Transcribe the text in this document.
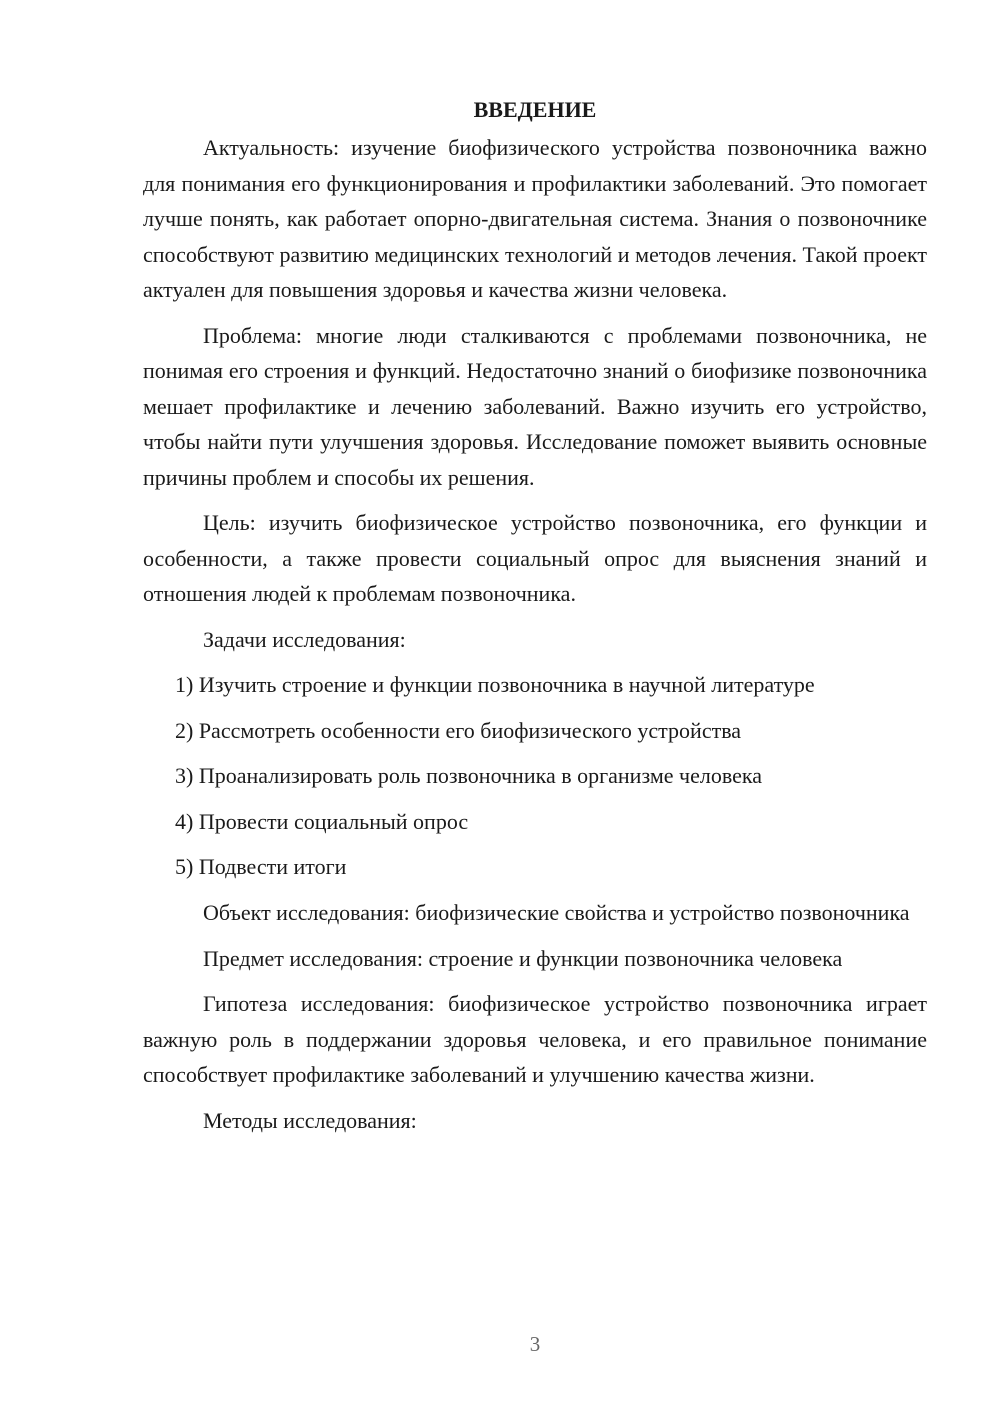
ВВЕДЕНИЕ

Актуальность: изучение биофизического устройства позвоночника важно для понимания его функционирования и профилактики заболеваний. Это помогает лучше понять, как работает опорно-двигательная система. Знания о позвоночнике способствуют развитию медицинских технологий и методов лечения. Такой проект актуален для повышения здоровья и качества жизни человека.

Проблема: многие люди сталкиваются с проблемами позвоночника, не понимая его строения и функций. Недостаточно знаний о биофизике позвоночника мешает профилактике и лечению заболеваний. Важно изучить его устройство, чтобы найти пути улучшения здоровья. Исследование поможет выявить основные причины проблем и способы их решения.

Цель: изучить биофизическое устройство позвоночника, его функции и особенности, а также провести социальный опрос для выяснения знаний и отношения людей к проблемам позвоночника.

Задачи исследования:

1) Изучить строение и функции позвоночника в научной литературе
2) Рассмотреть особенности его биофизического устройства
3) Проанализировать роль позвоночника в организме человека
4) Провести социальный опрос
5) Подвести итоги

Объект исследования: биофизические свойства и устройство позвоночника

Предмет исследования: строение и функции позвоночника человека

Гипотеза исследования: биофизическое устройство позвоночника играет важную роль в поддержании здоровья человека, и его правильное понимание способствует профилактике заболеваний и улучшению качества жизни.

Методы исследования:

3
